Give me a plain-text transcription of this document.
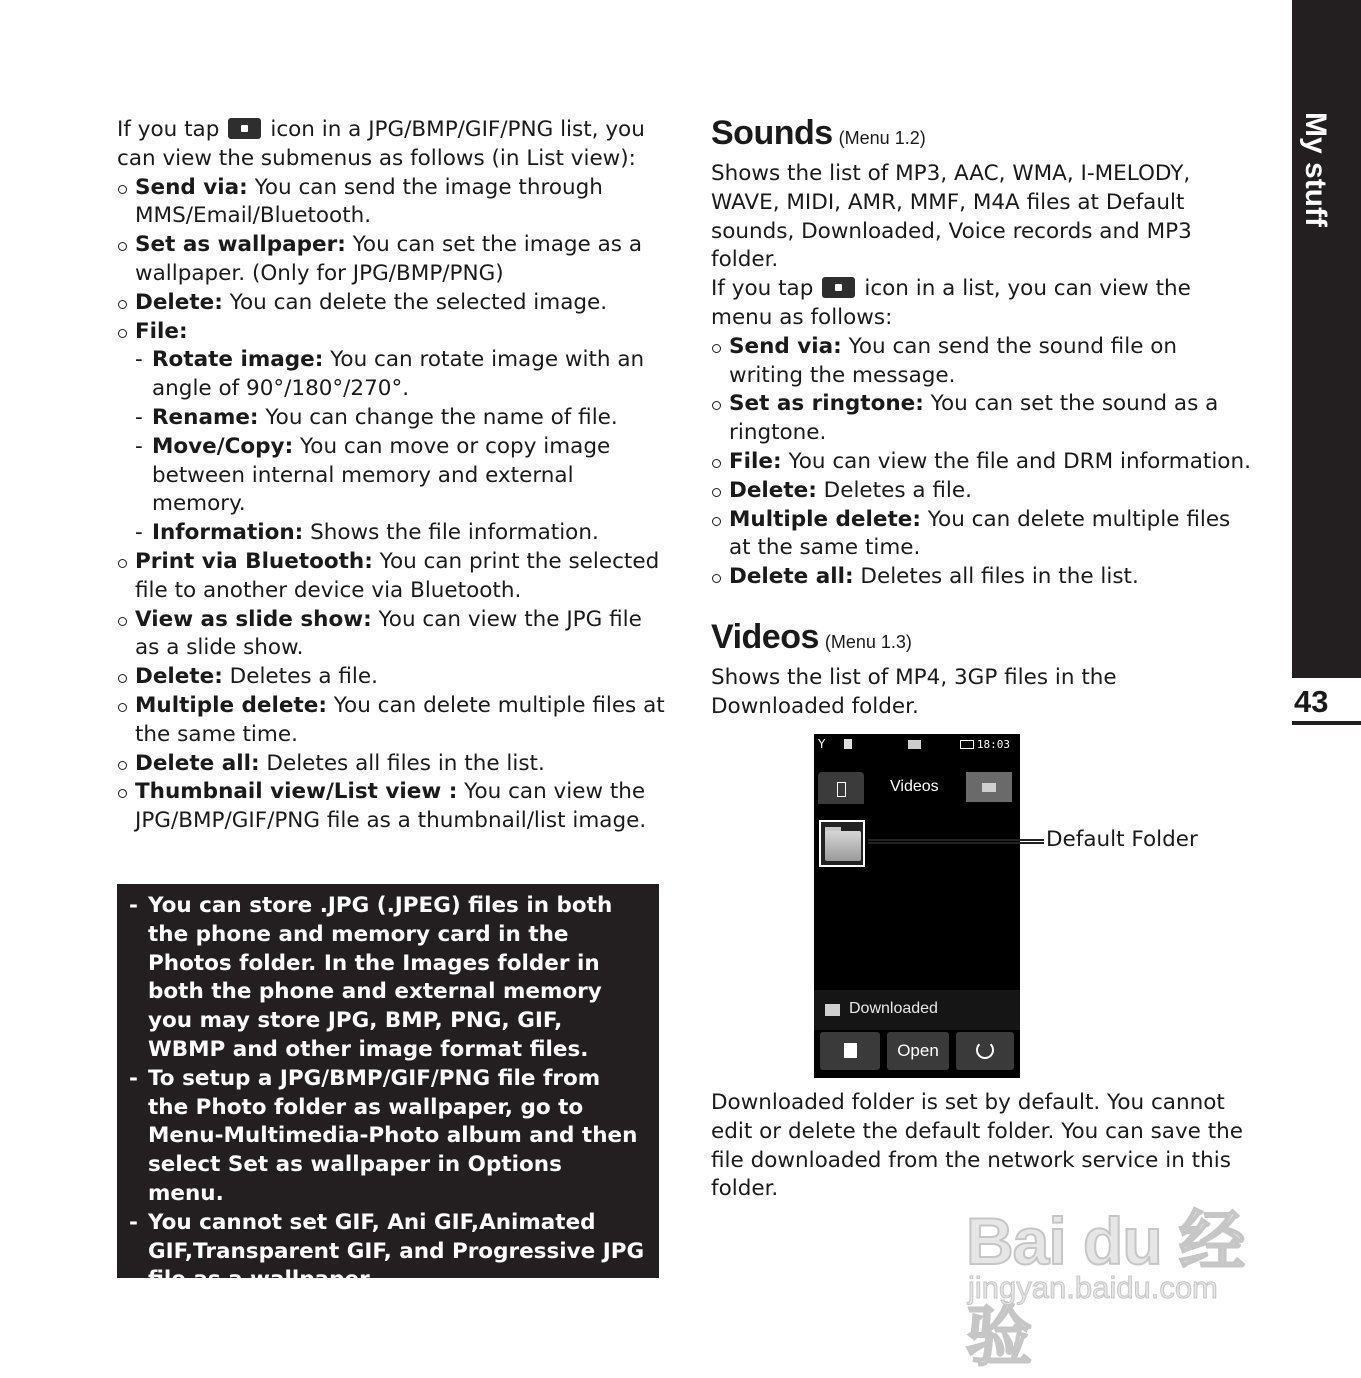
My stuff
43

If you tap icon in a JPG/BMP/GIF/PNG list, you can view the submenus as follows (in List view):

Send via: You can send the image through MMS/Email/Bluetooth.
Set as wallpaper: You can set the image as a wallpaper. (Only for JPG/BMP/PNG)
Delete: You can delete the selected image.
File:
- Rotate image: You can rotate image with an angle of 90°/180°/270°.
- Rename: You can change the name of file.
- Move/Copy: You can move or copy image between internal memory and external memory.
- Information: Shows the file information.
Print via Bluetooth: You can print the selected file to another device via Bluetooth.
View as slide show: You can view the JPG file as a slide show.
Delete: Deletes a file.
Multiple delete: You can delete multiple files at the same time.
Delete all: Deletes all files in the list.
Thumbnail view/List view : You can view the JPG/BMP/GIF/PNG file as a thumbnail/list image.
- You can store .JPG (.JPEG) files in both the phone and memory card in the Photos folder. In the Images folder in both the phone and external memory you may store JPG, BMP, PNG, GIF, WBMP and other image format files.
- To setup a JPG/BMP/GIF/PNG file from the Photo folder as wallpaper, go to Menu-Multimedia-Photo album and then select Set as wallpaper in Options menu.
- You cannot set GIF, Ani GIF,Animated GIF,Transparent GIF, and Progressive JPG file as a wallpaper.
Sounds (Menu 1.2)

Shows the list of MP3, AAC, WMA, I-MELODY, WAVE, MIDI, AMR, MMF, M4A files at Default sounds, Downloaded, Voice records and MP3 folder.

If you tap icon in a list, you can view the menu as follows:

Send via: You can send the sound file on writing the message.
Set as ringtone: You can set the sound as a ringtone.
File: You can view the file and DRM information.
Delete: Deletes a file.
Multiple delete: You can delete multiple files at the same time.
Delete all: Deletes all files in the list.
Videos (Menu 1.3)

Shows the list of MP4, 3GP files in the Downloaded folder.

Y	18:03
Videos
Downloaded
Open
Default Folder

Downloaded folder is set by default. You cannot edit or delete the default folder. You can save the file downloaded from the network service in this folder.

Bai du 经验
jingyan.baidu.com
